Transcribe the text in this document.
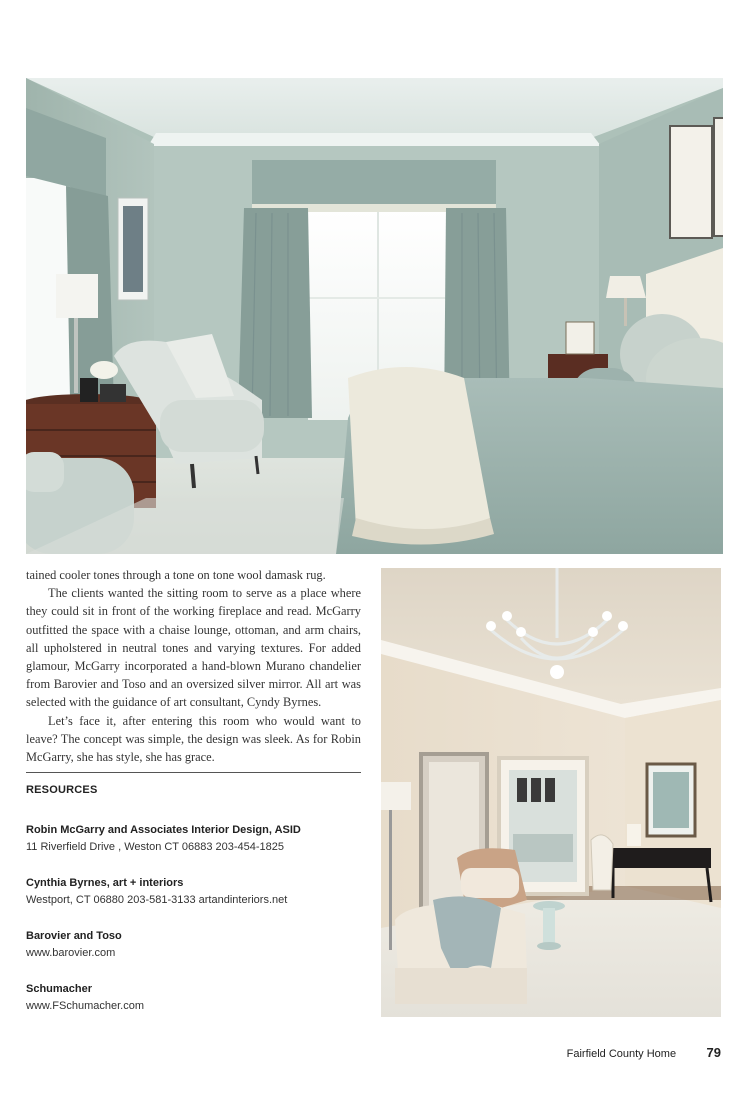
tained cooler tones through a tone on tone wool damask rug.

The clients wanted the sitting room to serve as a place where they could sit in front of the working fireplace and read. McGarry outfitted the space with a chaise lounge, ottoman, and arm chairs, all upholstered in neutral tones and varying textures. For added glamour, McGarry incorporated a hand-blown Murano chandelier from Barovier and Toso and an oversized silver mirror. All art was selected with the guidance of art consultant, Cyndy Byrnes.

Let’s face it, after entering this room who would want to leave? The concept was simple, the design was sleek. As for Robin McGarry, she has style, she has grace.

RESOURCES
Robin McGarry and Associates Interior Design, ASID
11 Riverfield Drive , Weston CT 06883 203-454-1825
Cynthia Byrnes, art + interiors
Westport, CT 06880 203-581-3133 artandinteriors.net
Barovier and Toso
www.barovier.com
Schumacher
www.FSchumacher.com
Fairfield County Home 79
